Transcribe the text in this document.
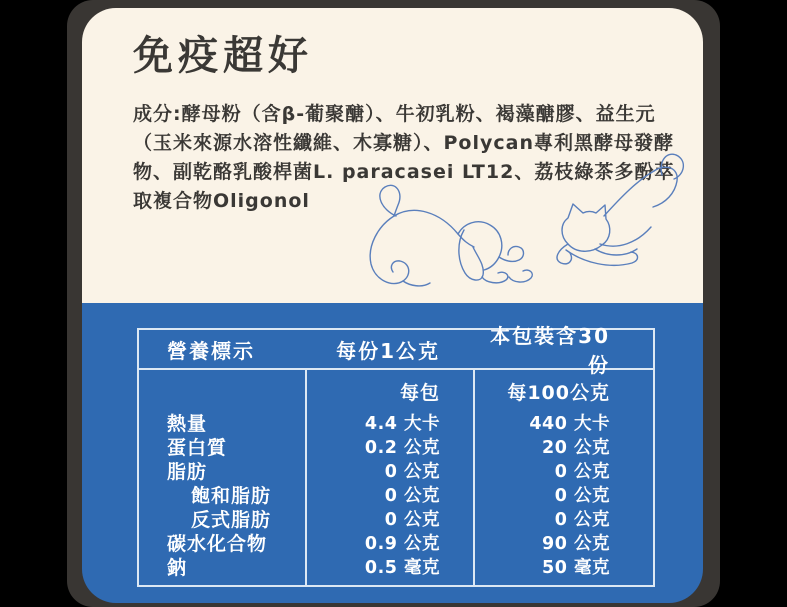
免疫超好

成分:酵母粉（含β-葡聚醣）、牛初乳粉、褐藻醣膠、益生元（玉米來源水溶性纖維、木寡糖）、Polycan專利黑酵母發酵物、副乾酪乳酸桿菌L. paracasei LT12、荔枝綠茶多酚萃取複合物Oligonol

營養標示	每份1公克
本包裝含30份
熱量
蛋白質
脂肪
飽和脂肪
反式脂肪
碳水化合物
鈉
每包
4.4 大卡
0.2 公克
0 公克
0 公克
0 公克
0.9 公克
0.5 毫克
每100公克
440 大卡
20 公克
0 公克
0 公克
0 公克
90 公克
50 毫克
